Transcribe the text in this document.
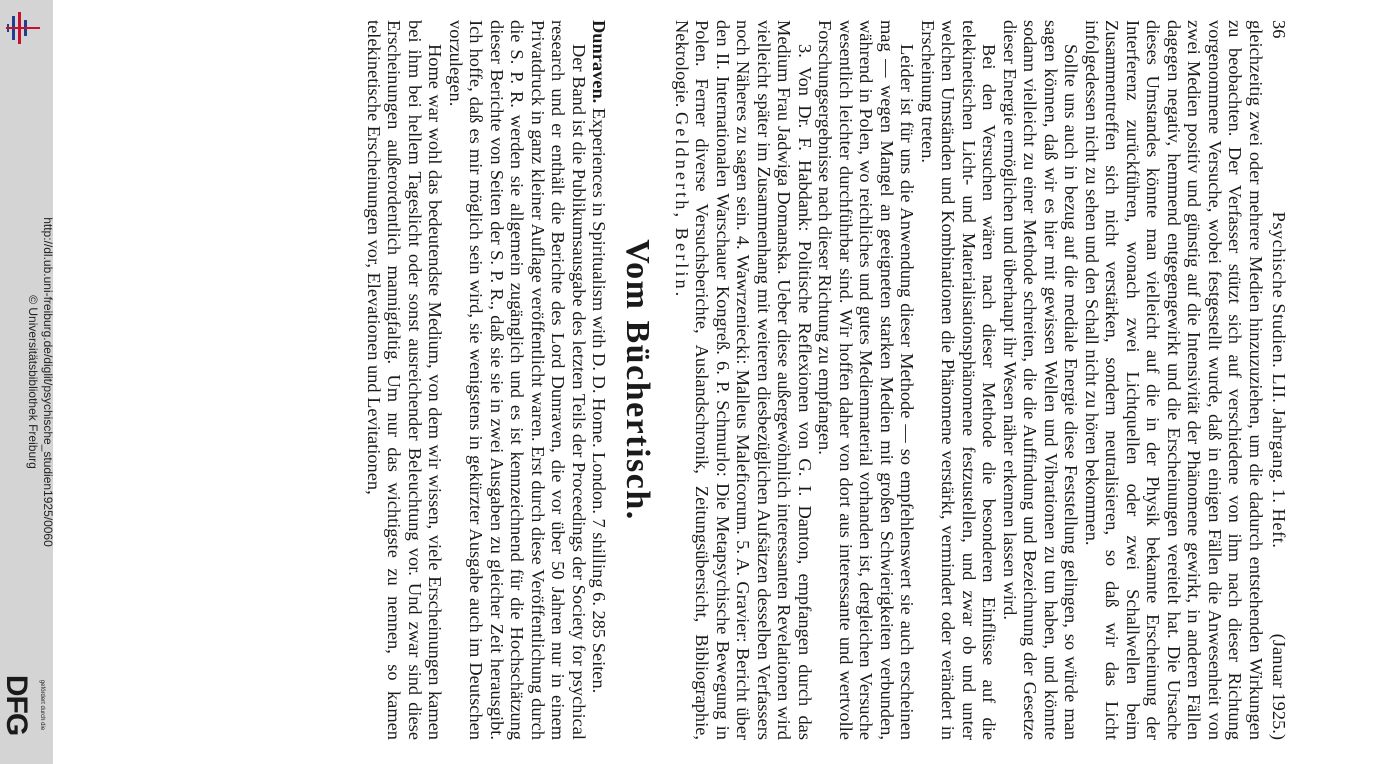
http://dl.ub.uni-freiburg.de/diglit/psychische_studien1925/0060
© Universitätsbibliothek Freiburg
DFG gefördert durch die
36
Psychische Studien. LII. Jahrgang. 1. Heft.
(Januar 1925.)

gleichzeitig zwei oder mehrere Medien hinzuzuziehen, um die dadurch entstehenden Wirkungen zu beobachten. Der Verfasser stützt sich auf verschiedene von ihm nach dieser Richtung vorgenommene Versuche, wobei festgestellt wurde, daß in einigen Fällen die Anwesenheit von zwei Medien positiv und günstig auf die Intensivität der Phänomene gewirkt, in anderen Fällen dagegen negativ, hemmend entgegengewirkt und die Erscheinungen vereitelt hat. Die Ursache dieses Umstandes könnte man vielleicht auf die in der Physik bekannte Erscheinung der Interferenz zurückführen, wonach zwei Lichtquellen oder zwei Schallwellen beim Zusammentreffen sich nicht verstärken, sondern neutralisieren, so daß wir das Licht infolgedessen nicht zu sehen und den Schall nicht zu hören bekommen.

Sollte uns auch in bezug auf die mediale Energie diese Feststellung gelingen, so würde man sagen können, daß wir es hier mit gewissen Wellen und Vibrationen zu tun haben, und könnte sodann vielleicht zu einer Methode schreiten, die die Auffindung und Bezeichnung der Gesetze dieser Energie ermöglichen und überhaupt ihr Wesen näher erkennen lassen wird.

Bei den Versuchen wären nach dieser Methode die besonderen Einflüsse auf die telekinetischen Licht- und Materialisationsphänomene festzustellen, und zwar ob und unter welchen Umständen und Kombinationen die Phänomene verstärkt, vermindert oder verändert in Erscheinung treten.

Leider ist für uns die Anwendung dieser Methode — so empfehlenswert sie auch erscheinen mag — wegen Mangel an geeigneten starken Medien mit großen Schwierigkeiten verbunden, während in Polen, wo reichliches und gutes Medienmaterial vorhanden ist, dergleichen Versuche wesentlich leichter durchführbar sind. Wir hoffen daher von dort aus interessante und wertvolle Forschungsergebnisse nach dieser Richtung zu empfangen.

3. Von Dr. F. Habdank: Politische Reflexionen von G. I. Danton, empfangen durch das Medium Frau Jadwiga Domanska. Ueber diese außergewöhnlich interessanten Revelationen wird vielleicht später im Zusammenhang mit weiteren diesbezüglichen Aufsätzen desselben Verfassers noch Näheres zu sagen sein. 4. Wawrzeniecki: Malleus Maleficorum. 5. A. Gravier: Bericht über den II. Internationalen Warschauer Kongreß. 6. P. Schmurlo: Die Metapsychische Bewegung in Polen. Ferner diverse Versuchsberichte, Auslandschronik, Zeitungsübersicht, Bibliographie, Nekrologie. Geldnerth, Berlin.

Vom Büchertisch.

Dunraven. Experiences in Spiritualism with D. D. Home. London. 7 shilling 6. 285 Seiten.

Der Band ist die Publikumsausgabe des letzten Teils der Proceedings der Society for psychical research und er enthält die Berichte des Lord Dunraven, die vor über 50 Jahren nur in einem Privatdruck in ganz kleiner Auflage veröffentlicht waren. Erst durch diese Veröffentlichung durch die S. P. R. werden sie allgemein zugänglich und es ist kennzeichnend für die Hochschätzung dieser Berichte von Seiten der S. P. R., daß sie sie in zwei Ausgaben zu gleicher Zeit herausgibt. Ich hoffe, daß es mir möglich sein wird, sie wenigstens in gekürzter Ausgabe auch im Deutschen vorzulegen.

Home war wohl das bedeutendste Medium, von dem wir wissen, viele Erscheinungen kamen bei ihm bei hellem Tageslicht oder sonst ausreichender Beleuchtung vor. Und zwar sind diese Erscheinungen außerordentlich mannigfaltig. Um nur das wichtigste zu nennen, so kamen telekinetische Erscheinungen vor, Elevationen und Levitationen,
